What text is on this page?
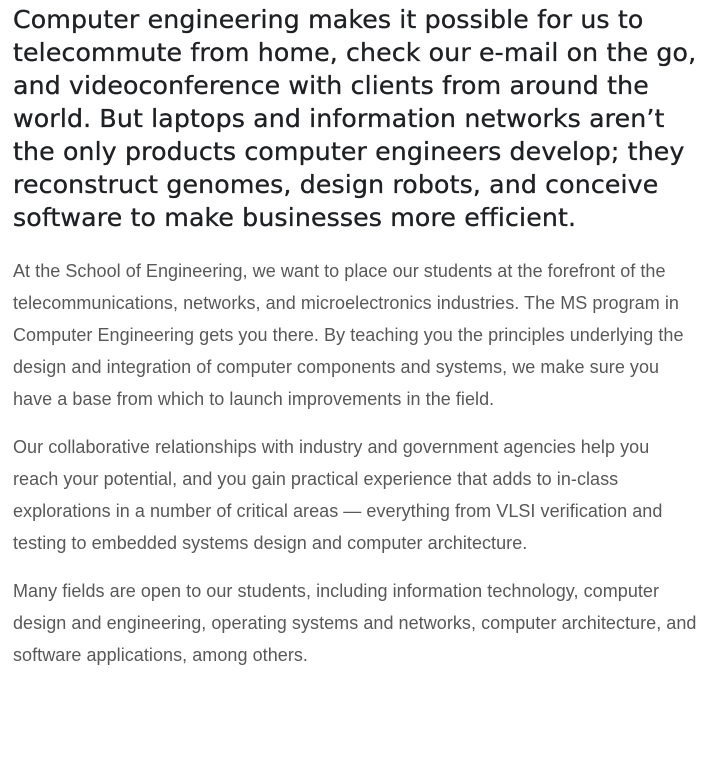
Computer engineering makes it possible for us to telecommute from home, check our e-mail on the go, and videoconference with clients from around the world. But laptops and information networks aren’t the only products computer engineers develop; they reconstruct genomes, design robots, and conceive software to make businesses more efficient.

At the School of Engineering, we want to place our students at the forefront of the telecommunications, networks, and microelectronics industries. The MS program in Computer Engineering gets you there. By teaching you the principles underlying the design and integration of computer components and systems, we make sure you have a base from which to launch improvements in the field.

Our collaborative relationships with industry and government agencies help you reach your potential, and you gain practical experience that adds to in-class explorations in a number of critical areas — everything from VLSI verification and testing to embedded systems design and computer architecture.

Many fields are open to our students, including information technology, computer design and engineering, operating systems and networks, computer architecture, and software applications, among others.
